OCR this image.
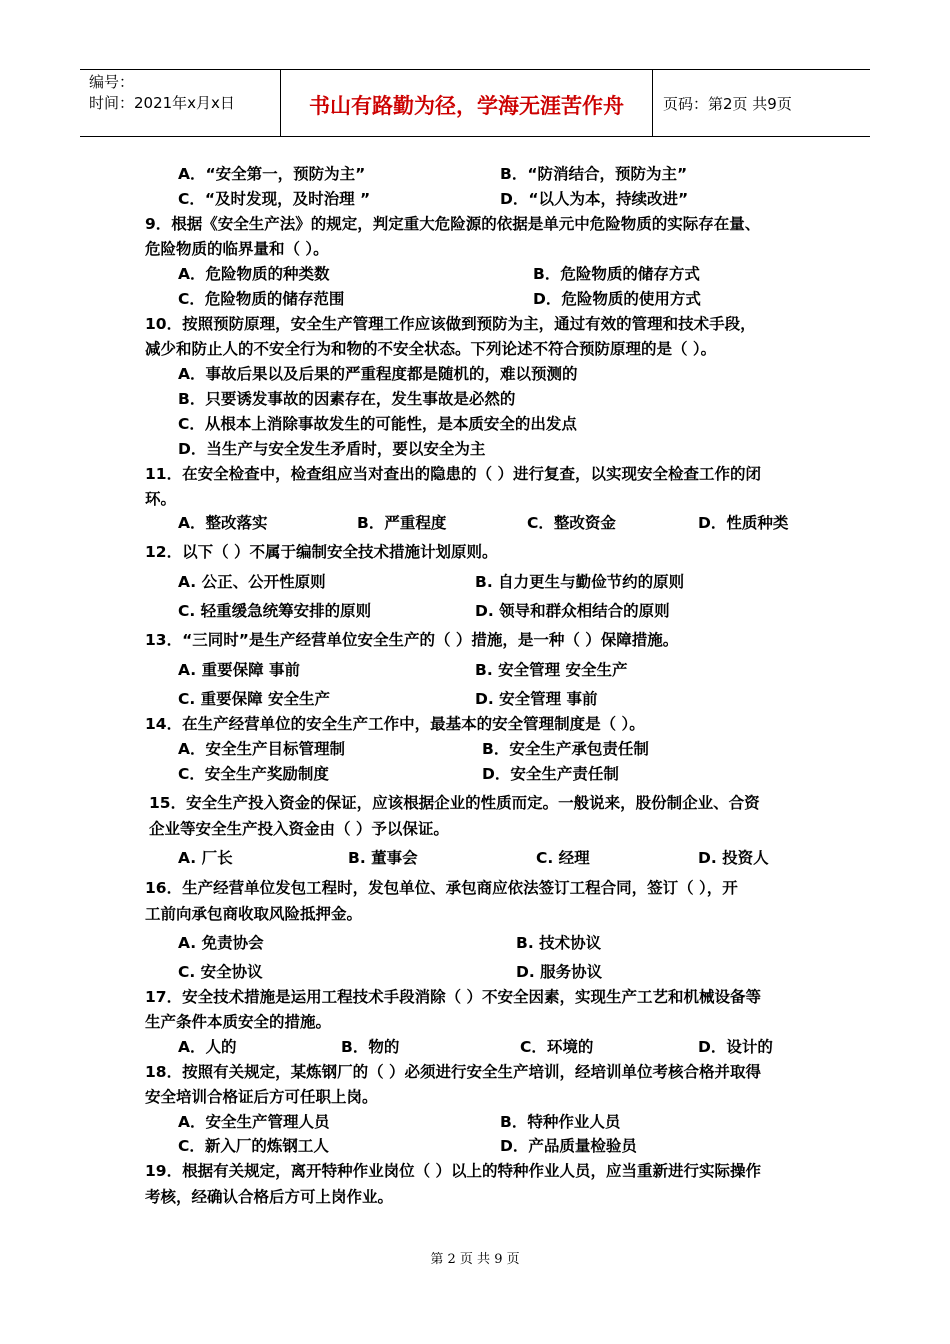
编号：
时间：2021年x月x日	书山有路勤为径，学海无涯苦作舟	页码：第2页 共9页
A．“安全第一，预防为主”	B．“防消结合，预防为主”
C．“及时发现，及时治理 ”	D．“以人为本，持续改进”
9．根据《安全生产法》的规定，判定重大危险源的依据是单元中危险物质的实际存在量、
危险物质的临界量和（ ）。
A．危险物质的种类数	B．危险物质的储存方式
C．危险物质的储存范围	D．危险物质的使用方式
10．按照预防原理，安全生产管理工作应该做到预防为主，通过有效的管理和技术手段，
减少和防止人的不安全行为和物的不安全状态。下列论述不符合预防原理的是（ ）。
A．事故后果以及后果的严重程度都是随机的，难以预测的
B．只要诱发事故的因素存在，发生事故是必然的
C．从根本上消除事故发生的可能性，是本质安全的出发点
D．当生产与安全发生矛盾时，要以安全为主
11．在安全检查中，检查组应当对查出的隐患的（ ）进行复查，以实现安全检查工作的闭
环。
A．整改落实	B．严重程度	C．整改资金	D．性质种类
12．以下（ ）不属于编制安全技术措施计划原则。
A. 公正、公开性原则	B. 自力更生与勤俭节约的原则
C. 轻重缓急统筹安排的原则	D. 领导和群众相结合的原则
13．“三同时”是生产经营单位安全生产的（ ）措施，是一种（ ）保障措施。
A. 重要保障 事前	B. 安全管理 安全生产
C. 重要保障 安全生产	D. 安全管理 事前
14．在生产经营单位的安全生产工作中，最基本的安全管理制度是（ ）。
A．安全生产目标管理制	B．安全生产承包责任制
C．安全生产奖励制度	D．安全生产责任制
15．安全生产投入资金的保证，应该根据企业的性质而定。一般说来，股份制企业、合资
企业等安全生产投入资金由（ ）予以保证。
A. 厂长	B. 董事会	C. 经理	D. 投资人
16．生产经营单位发包工程时，发包单位、承包商应依法签订工程合同，签订（ ），开
工前向承包商收取风险抵押金。
A. 免责协会	B. 技术协议
C. 安全协议	D. 服务协议
17．安全技术措施是运用工程技术手段消除（ ）不安全因素，实现生产工艺和机械设备等
生产条件本质安全的措施。
A．人的	B．物的	C．环境的	D．设计的
18．按照有关规定，某炼钢厂的（ ）必须进行安全生产培训，经培训单位考核合格并取得
安全培训合格证后方可任职上岗。
A．安全生产管理人员	B．特种作业人员
C．新入厂的炼钢工人	D．产品质量检验员
19．根据有关规定，离开特种作业岗位（ ）以上的特种作业人员，应当重新进行实际操作
考核，经确认合格后方可上岗作业。
第 2 页 共 9 页
